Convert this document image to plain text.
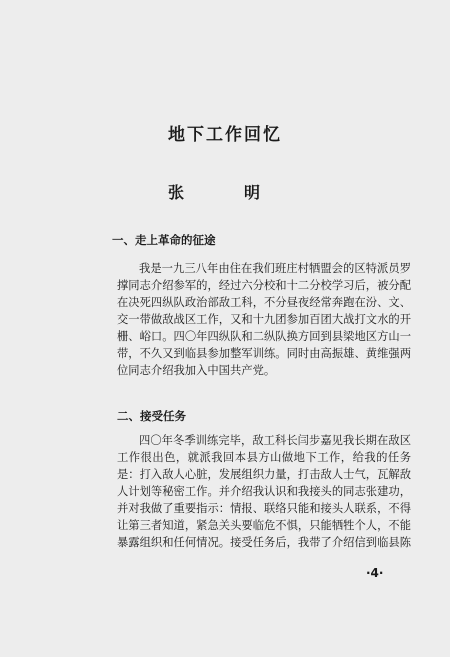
地下工作回忆
张　明
一、走上革命的征途
我是一九三八年由住在我们班庄村牺盟会的区特派员罗
撑同志介绍参军的，经过六分校和十二分校学习后，被分配
在决死四纵队政治部敌工科，不分昼夜经常奔跑在汾、文、
交一带做敌战区工作，又和十九团参加百团大战打文水的开
栅、峪口。四〇年四纵队和二纵队换方回到县梁地区方山一
带，不久又到临县参加整军训练。同时由高振雄、黄维强两
位同志介绍我加入中国共产党。
二、接受任务
四〇年冬季训练完毕，敌工科长闫步嘉见我长期在敌区
工作很出色，就派我回本县方山做地下工作，给我的任务
是：打入敌人心脏，发展组织力量，打击敌人士气，瓦解敌
人计划等秘密工作。并介绍我认识和我接头的同志张建功，
并对我做了重要指示：情报、联络只能和接头人联系，不得
让第三者知道，紧急关头要临危不惧，只能牺牲个人，不能
暴露组织和任何情况。接受任务后，我带了介绍信到临县陈
·4·
